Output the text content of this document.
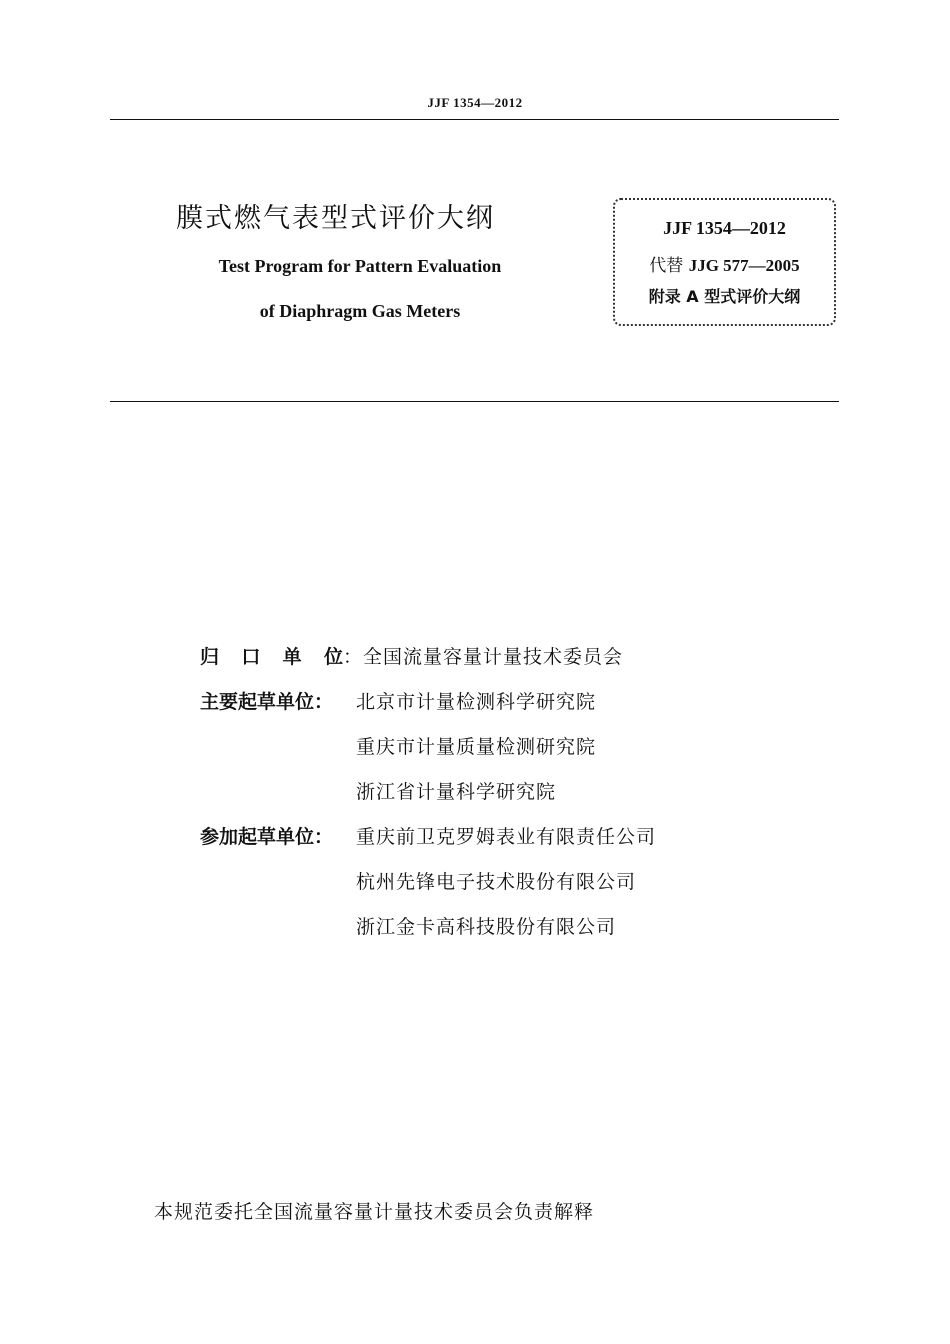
JJF 1354—2012
膜式燃气表型式评价大纲
Test Program for Pattern Evaluation
of Diaphragm Gas Meters
JJF 1354—2012
代替 JJG 577—2005
附录 A 型式评价大纲
归 口 单 位 ：全国流量容量计量技术委员会
主要起草单位：	北京市计量检测科学研究院
重庆市计量质量检测研究院
浙江省计量科学研究院
参加起草单位：	重庆前卫克罗姆表业有限责任公司
杭州先锋电子技术股份有限公司
浙江金卡高科技股份有限公司
本规范委托全国流量容量计量技术委员会负责解释
